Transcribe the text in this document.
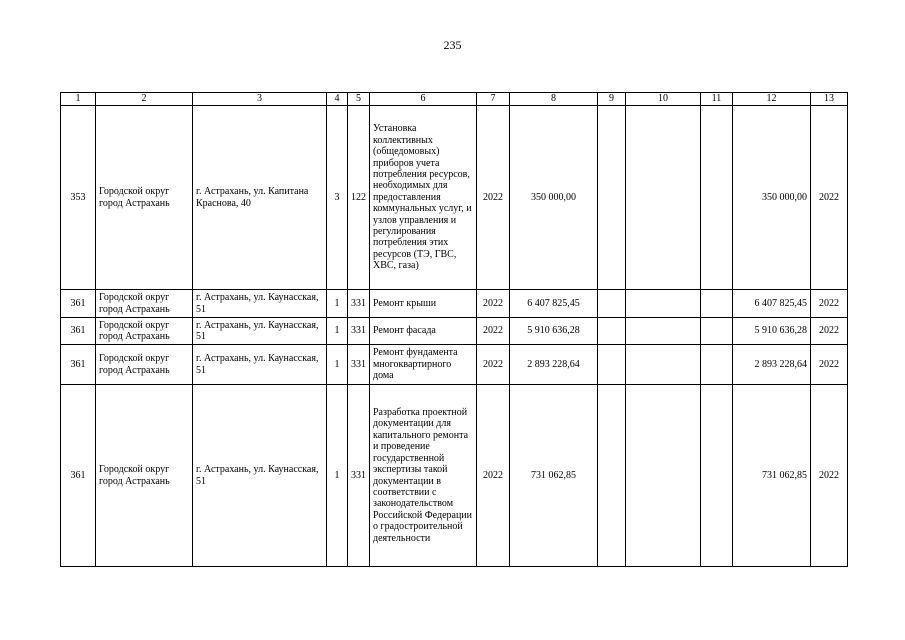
235
1	2	3	4	5	6	7	8	9	10	11	12	13
353	Городской округ город Астрахань	г. Астрахань, ул. Капитана Краснова, 40	3	122	Установка коллективных (общедомовых) приборов учета потребления ресурсов, необходимых для предоставления коммунальных услуг, и узлов управления и регулирования потребления этих ресурсов (ТЭ, ГВС, ХВС, газа)	2022	350 000,00				350 000,00	2022
361	Городской округ город Астрахань	г. Астрахань, ул. Каунасская, 51	1	331	Ремонт крыши	2022	6 407 825,45				6 407 825,45	2022
361	Городской округ город Астрахань	г. Астрахань, ул. Каунасская, 51	1	331	Ремонт фасада	2022	5 910 636,28				5 910 636,28	2022
361	Городской округ город Астрахань	г. Астрахань, ул. Каунасская, 51	1	331	Ремонт фундамента многоквартирного дома	2022	2 893 228,64				2 893 228,64	2022
361	Городской округ город Астрахань	г. Астрахань, ул. Каунасская, 51	1	331	Разработка проектной документации для капитального ремонта и проведение государственной экспертизы такой документации в соответствии с законодательством Российской Федерации о градостроительной деятельности	2022	731 062,85				731 062,85	2022
